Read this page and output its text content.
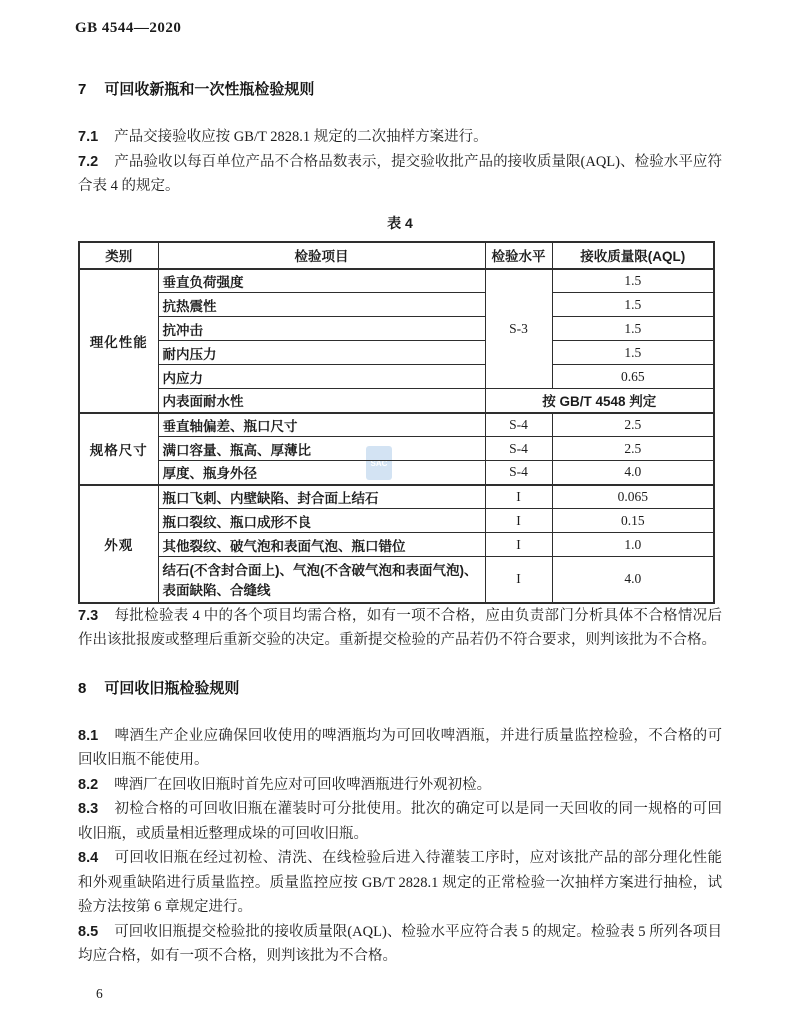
SAC
GB 4544—2020
7 可回收新瓶和一次性瓶检验规则

7.1 产品交接验收应按 GB/T 2828.1 规定的二次抽样方案进行。

7.2 产品验收以每百单位产品不合格品数表示，提交验收批产品的接收质量限(AQL)、检验水平应符合表 4 的规定。

表 4
类别	检验项目	检验水平	接收质量限(AQL)
理化性能	垂直负荷强度	S-3	1.5
	抗热震性		1.5
	抗冲击		1.5
	耐内压力		1.5
	内应力		0.65
	内表面耐水性	按 GB/T 4548 判定	
规格尺寸	垂直轴偏差、瓶口尺寸	S-4	2.5
	满口容量、瓶高、厚薄比	S-4	2.5
	厚度、瓶身外径	S-4	4.0
外观	瓶口飞刺、内壁缺陷、封合面上结石	I	0.065
	瓶口裂纹、瓶口成形不良	I	0.15
	其他裂纹、破气泡和表面气泡、瓶口错位	I	1.0
	结石(不含封合面上)、气泡(不含破气泡和表面气泡)、表面缺陷、合缝线	I	4.0

7.3 每批检验表 4 中的各个项目均需合格，如有一项不合格，应由负责部门分析具体不合格情况后作出该批报废或整理后重新交验的决定。重新提交检验的产品若仍不符合要求，则判该批为不合格。

8 可回收旧瓶检验规则

8.1 啤酒生产企业应确保回收使用的啤酒瓶均为可回收啤酒瓶，并进行质量监控检验，不合格的可回收旧瓶不能使用。

8.2 啤酒厂在回收旧瓶时首先应对可回收啤酒瓶进行外观初检。

8.3 初检合格的可回收旧瓶在灌装时可分批使用。批次的确定可以是同一天回收的同一规格的可回收旧瓶，或质量相近整理成垛的可回收旧瓶。

8.4 可回收旧瓶在经过初检、清洗、在线检验后进入待灌装工序时，应对该批产品的部分理化性能和外观重缺陷进行质量监控。质量监控应按 GB/T 2828.1 规定的正常检验一次抽样方案进行抽检，试验方法按第 6 章规定进行。

8.5 可回收旧瓶提交检验批的接收质量限(AQL)、检验水平应符合表 5 的规定。检验表 5 所列各项目均应合格，如有一项不合格，则判该批为不合格。

6
